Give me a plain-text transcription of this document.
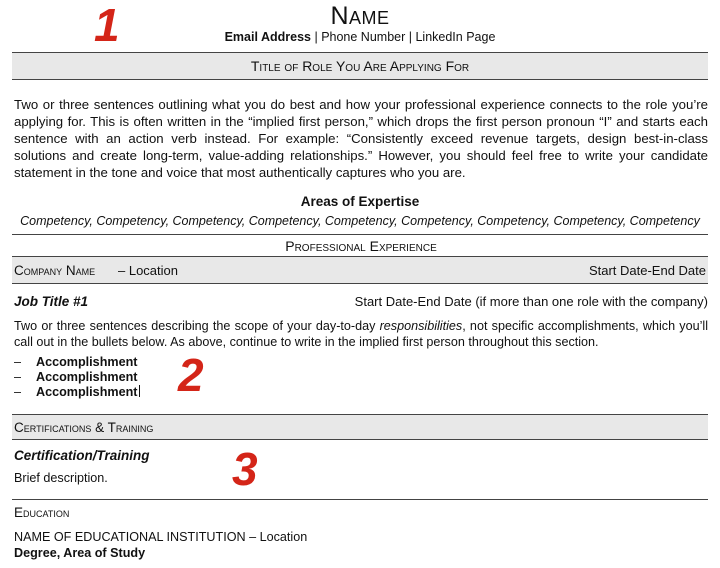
1
2
3
Name
Email Address | Phone Number | LinkedIn Page
Title of Role You Are Applying For
Two or three sentences outlining what you do best and how your professional experience connects to the role you’re applying for. This is often written in the “implied first person,” which drops the first person pronoun “I” and starts each sentence with an action verb instead. For example: “Consistently exceed revenue targets, design best-in-class solutions and create long-term, value-adding relationships.” However, you should feel free to write your candidate statement in the tone and voice that most authentically captures who you are.
Areas of Expertise
Competency, Competency, Competency, Competency, Competency, Competency, Competency, Competency, Competency
Professional Experience
Company Name – Location	Start Date-End Date
Job Title #1	Start Date-End Date (if more than one role with the company)
Two or three sentences describing the scope of your day-to-day responsibilities, not specific accomplishments, which you’ll call out in the bullets below. As above, continue to write in the implied first person throughout this section.
–	Accomplishment
–	Accomplishment
–	Accomplishment
Certifications & Training
Certification/Training
Brief description.
Education
NAME OF EDUCATIONAL INSTITUTION – Location
Degree, Area of Study
